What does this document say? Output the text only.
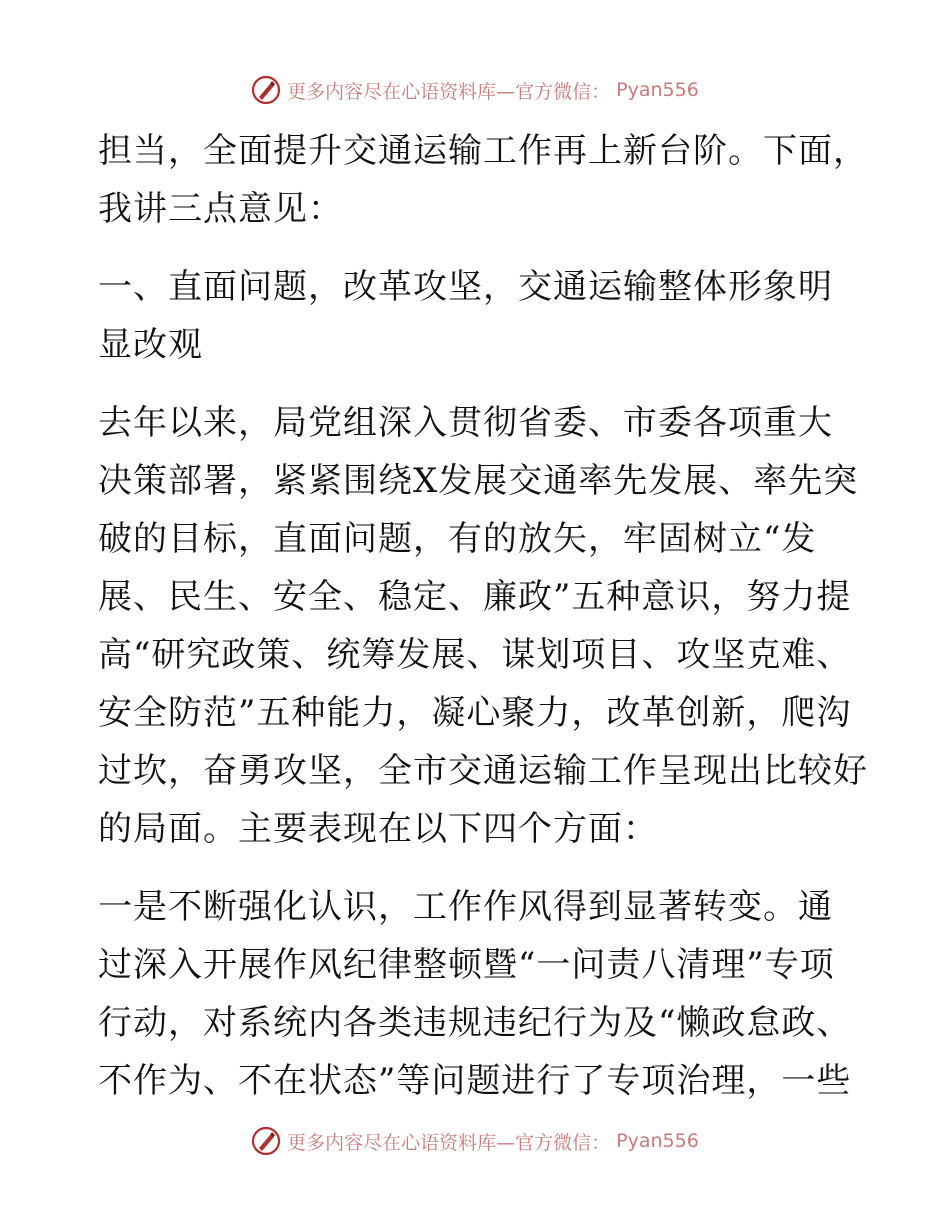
更多内容尽在心语资料库—官方微信： Pyan556
担当，全面提升交通运输工作再上新台阶。下面，
我讲三点意见：
一、直面问题，改革攻坚，交通运输整体形象明
显改观
去年以来，局党组深入贯彻省委、市委各项重大
决策部署，紧紧围绕X发展交通率先发展、率先突
破的目标，直面问题，有的放矢，牢固树立“发
展、民生、安全、稳定、廉政”五种意识，努力提
高“研究政策、统筹发展、谋划项目、攻坚克难、
安全防范”五种能力，凝心聚力，改革创新，爬沟
过坎，奋勇攻坚，全市交通运输工作呈现出比较好
的局面。主要表现在以下四个方面：
一是不断强化认识，工作作风得到显著转变。通
过深入开展作风纪律整顿暨“一问责八清理”专项
行动，对系统内各类违规违纪行为及“懒政怠政、
不作为、不在状态”等问题进行了专项治理，一些
更多内容尽在心语资料库—官方微信： Pyan556
